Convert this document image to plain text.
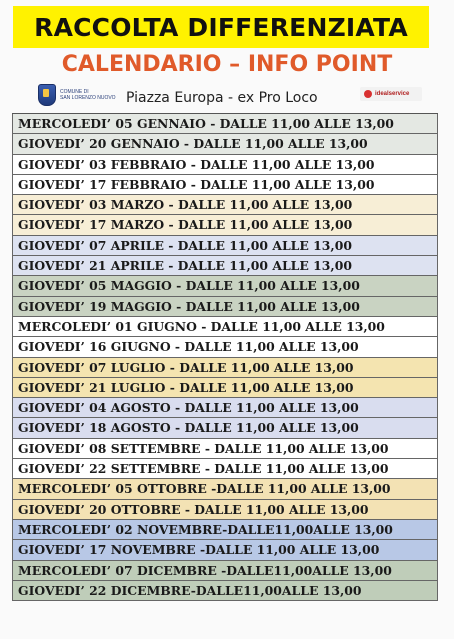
RACCOLTA DIFFERENZIATA
CALENDARIO – INFO POINT
COMUNE DI
SAN LORENZO NUOVO Piazza Europa - ex Pro Loco	idealservice
MERCOLEDI’ 05 GENNAIO - DALLE 11,00 ALLE 13,00
GIOVEDI’ 20 GENNAIO - DALLE 11,00 ALLE 13,00
GIOVEDI’ 03 FEBBRAIO - DALLE 11,00 ALLE 13,00
GIOVEDI’ 17 FEBBRAIO - DALLE 11,00 ALLE 13,00
GIOVEDI’ 03 MARZO - DALLE 11,00 ALLE 13,00
GIOVEDI’ 17 MARZO - DALLE 11,00 ALLE 13,00
GIOVEDI’ 07 APRILE - DALLE 11,00 ALLE 13,00
GIOVEDI’ 21 APRILE - DALLE 11,00 ALLE 13,00
GIOVEDI’ 05 MAGGIO - DALLE 11,00 ALLE 13,00
GIOVEDI’ 19 MAGGIO - DALLE 11,00 ALLE 13,00
MERCOLEDI’ 01 GIUGNO - DALLE 11,00 ALLE 13,00
GIOVEDI’ 16 GIUGNO - DALLE 11,00 ALLE 13,00
GIOVEDI’ 07 LUGLIO - DALLE 11,00 ALLE 13,00
GIOVEDI’ 21 LUGLIO - DALLE 11,00 ALLE 13,00
GIOVEDI’ 04 AGOSTO - DALLE 11,00 ALLE 13,00
GIOVEDI’ 18 AGOSTO - DALLE 11,00 ALLE 13,00
GIOVEDI’ 08 SETTEMBRE - DALLE 11,00 ALLE 13,00
GIOVEDI’ 22 SETTEMBRE - DALLE 11,00 ALLE 13,00
MERCOLEDI’ 05 OTTOBRE -DALLE 11,00 ALLE 13,00
GIOVEDI’ 20 OTTOBRE - DALLE 11,00 ALLE 13,00
MERCOLEDI’ 02 NOVEMBRE-DALLE11,00ALLE 13,00
GIOVEDI’ 17 NOVEMBRE -DALLE 11,00 ALLE 13,00
MERCOLEDI’ 07 DICEMBRE -DALLE11,00ALLE 13,00
GIOVEDI’ 22 DICEMBRE-DALLE11,00ALLE 13,00
